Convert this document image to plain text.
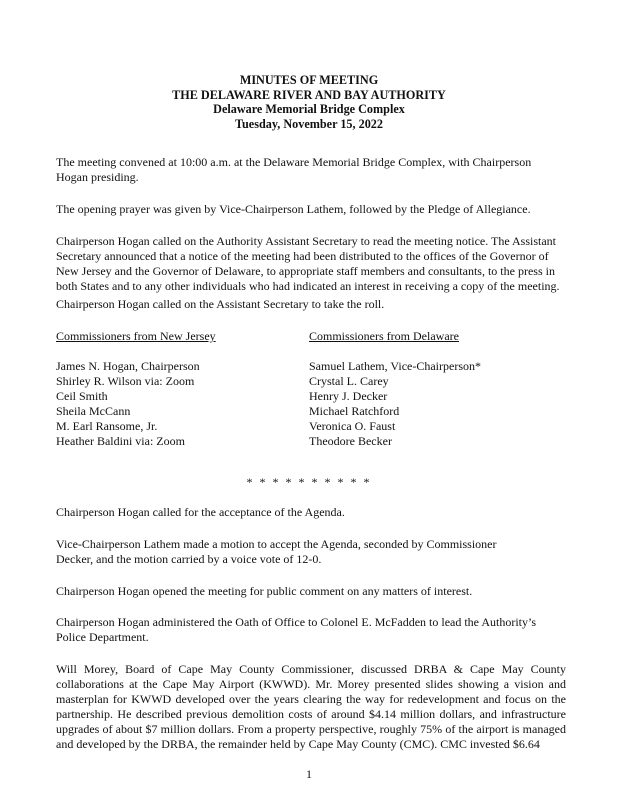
MINUTES OF MEETING
THE DELAWARE RIVER AND BAY AUTHORITY
Delaware Memorial Bridge Complex
Tuesday, November 15, 2022

The meeting convened at 10:00 a.m. at the Delaware Memorial Bridge Complex, with Chairperson Hogan presiding.

The opening prayer was given by Vice-Chairperson Lathem, followed by the Pledge of Allegiance.

Chairperson Hogan called on the Authority Assistant Secretary to read the meeting notice. The Assistant Secretary announced that a notice of the meeting had been distributed to the offices of the Governor of New Jersey and the Governor of Delaware, to appropriate staff members and consultants, to the press in both States and to any other individuals who had indicated an interest in receiving a copy of the meeting.

Chairperson Hogan called on the Assistant Secretary to take the roll.

Commissioners from New Jersey
James N. Hogan, Chairperson
Shirley R. Wilson via: Zoom
Ceil Smith
Sheila McCann
M. Earl Ransome, Jr.
Heather Baldini via: Zoom
Commissioners from Delaware
Samuel Lathem, Vice-Chairperson*
Crystal L. Carey
Henry J. Decker
Michael Ratchford
Veronica O. Faust
Theodore Becker
* * * * * * * * * *

Chairperson Hogan called for the acceptance of the Agenda.

Vice-Chairperson Lathem made a motion to accept the Agenda, seconded by Commissioner Decker, and the motion carried by a voice vote of 12-0.

Chairperson Hogan opened the meeting for public comment on any matters of interest.

Chairperson Hogan administered the Oath of Office to Colonel E. McFadden to lead the Authority’s Police Department.

Will Morey, Board of Cape May County Commissioner, discussed DRBA & Cape May County collaborations at the Cape May Airport (KWWD). Mr. Morey presented slides showing a vision and masterplan for KWWD developed over the years clearing the way for redevelopment and focus on the partnership. He described previous demolition costs of around $4.14 million dollars, and infrastructure upgrades of about $7 million dollars. From a property perspective, roughly 75% of the airport is managed and developed by the DRBA, the remainder held by Cape May County (CMC). CMC invested $6.64

1
